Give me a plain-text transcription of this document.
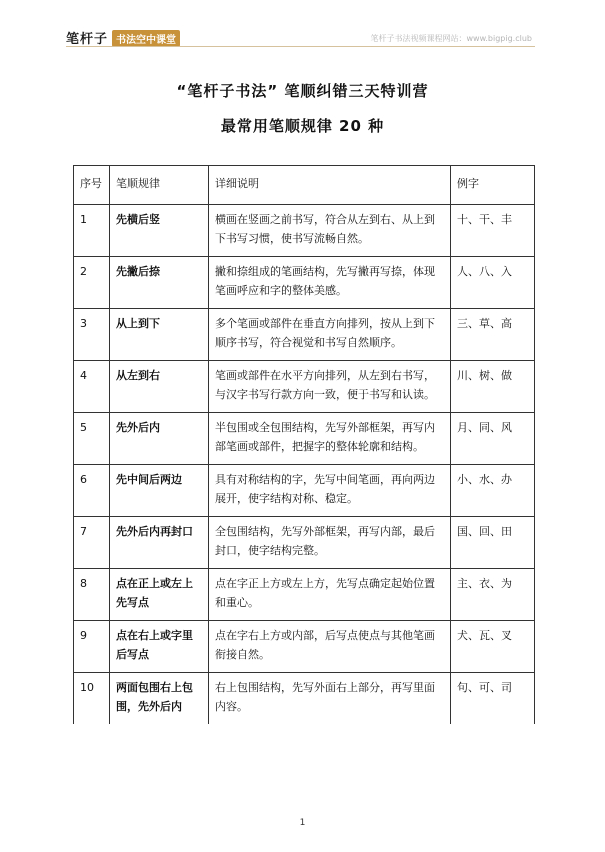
笔杆子 书法空中课堂	笔杆子书法视频课程网站：www.bigpig.club
“笔杆子书法” 笔顺纠错三天特训营
最常用笔顺规律 20 种
序号	笔顺规律	详细说明	例字
1	先横后竖	横画在竖画之前书写，符合从左到右、从上到下书写习惯，使书写流畅自然。	十、干、丰
2	先撇后捺	撇和捺组成的笔画结构，先写撇再写捺，体现笔画呼应和字的整体美感。	人、八、入
3	从上到下	多个笔画或部件在垂直方向排列，按从上到下顺序书写，符合视觉和书写自然顺序。	三、草、高
4	从左到右	笔画或部件在水平方向排列，从左到右书写，与汉字书写行款方向一致，便于书写和认读。	川、树、做
5	先外后内	半包围或全包围结构，先写外部框架，再写内部笔画或部件，把握字的整体轮廓和结构。	月、同、风
6	先中间后两边	具有对称结构的字，先写中间笔画，再向两边展开，使字结构对称、稳定。	小、水、办
7	先外后内再封口	全包围结构，先写外部框架，再写内部，最后封口，使字结构完整。	国、回、田
8	点在正上或左上先写点	点在字正上方或左上方，先写点确定起始位置和重心。	主、衣、为
9	点在右上或字里后写点	点在字右上方或内部，后写点使点与其他笔画衔接自然。	犬、瓦、叉
10	两面包围右上包围，先外后内	右上包围结构，先写外面右上部分，再写里面内容。	句、可、司
1
